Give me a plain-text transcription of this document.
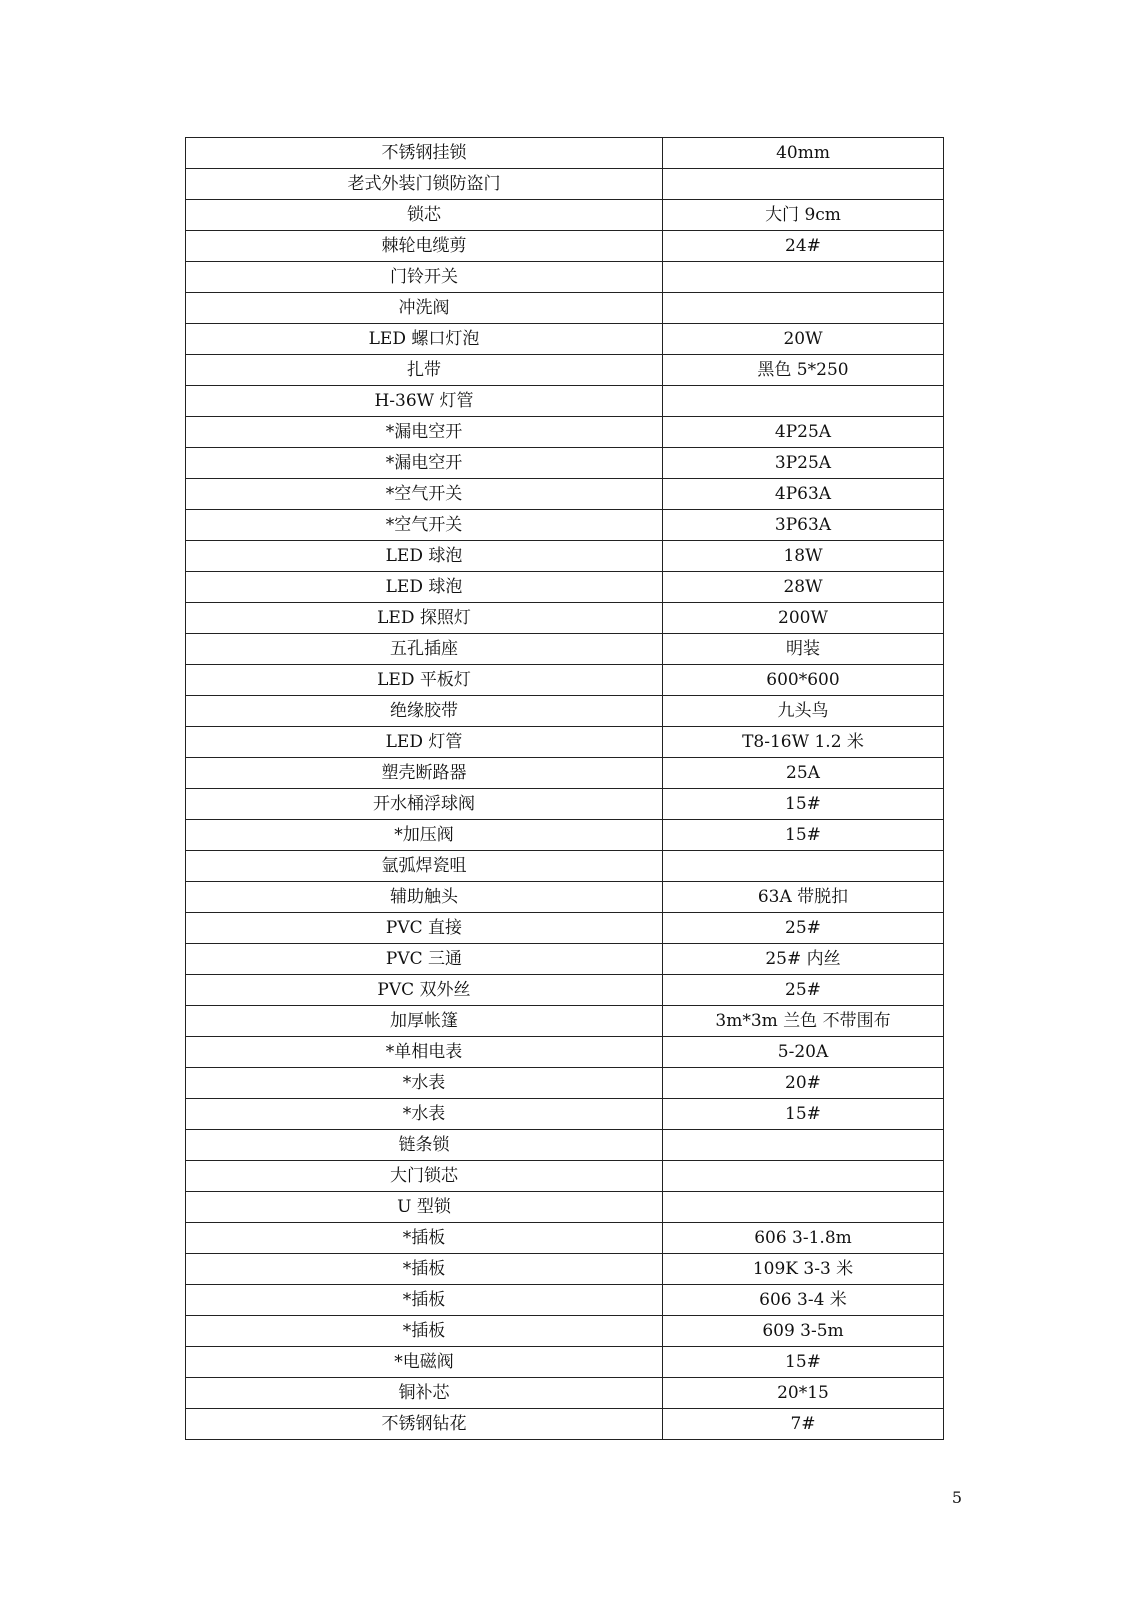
不锈钢挂锁	40mm
老式外装门锁防盗门	
锁芯	大门 9cm
棘轮电缆剪	24#
门铃开关	
冲洗阀	
LED 螺口灯泡	20W
扎带	黑色 5*250
H-36W 灯管	
*漏电空开	4P25A
*漏电空开	3P25A
*空气开关	4P63A
*空气开关	3P63A
LED 球泡	18W
LED 球泡	28W
LED 探照灯	200W
五孔插座	明装
LED 平板灯	600*600
绝缘胶带	九头鸟
LED 灯管	T8-16W 1.2 米
塑壳断路器	25A
开水桶浮球阀	15#
*加压阀	15#
氩弧焊瓷咀	
辅助触头	63A 带脱扣
PVC 直接	25#
PVC 三通	25# 内丝
PVC 双外丝	25#
加厚帐篷	3m*3m 兰色 不带围布
*单相电表	5-20A
*水表	20#
*水表	15#
链条锁	
大门锁芯	
U 型锁	
*插板	606 3-1.8m
*插板	109K 3-3 米
*插板	606 3-4 米
*插板	609 3-5m
*电磁阀	15#
铜补芯	20*15
不锈钢钻花	7#
5
